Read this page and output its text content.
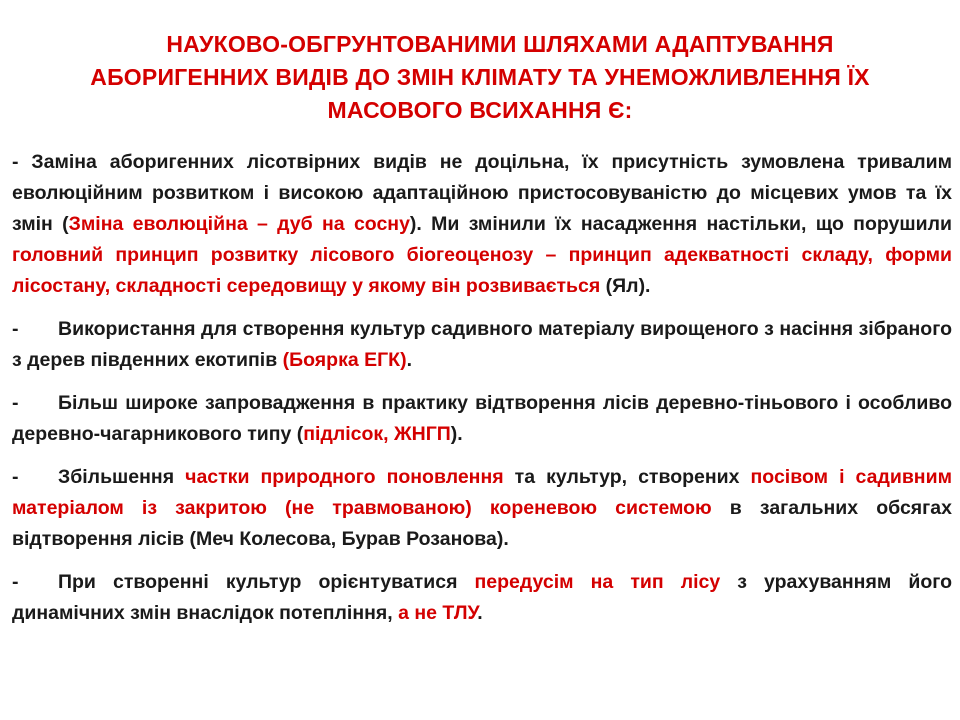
НАУКОВО-ОБГРУНТОВАНИМИ ШЛЯХАМИ АДАПТУВАННЯ
АБОРИГЕННИХ ВИДІВ ДО ЗМІН КЛІМАТУ ТА УНЕМОЖЛИВЛЕННЯ ЇХ
МАСОВОГО ВСИХАННЯ Є:

- Заміна аборигенних лісотвірних видів не доцільна, їх присутність зумовлена тривалим еволюційним розвитком і високою адаптаційною пристосовуваністю до місцевих умов та їх змін (Зміна еволюційна – дуб на сосну). Ми змінили їх насадження настільки, що порушили головний принцип розвитку лісового біогеоценозу – принцип адекватності складу, форми лісостану, складності середовищу у якому він розвивається (Ял).

- Використання для створення культур садивного матеріалу вирощеного з насіння зібраного з дерев південних екотипів (Боярка ЕГК).

- Більш широке запровадження в практику відтворення лісів деревно-тіньового і особливо деревно-чагарникового типу (підлісок, ЖНГП).

- Збільшення частки природного поновлення та культур, створених посівом і садивним матеріалом із закритою (не травмованою) кореневою системою в загальних обсягах відтворення лісів (Меч Колесова, Бурав Розанова).

- При створенні культур орієнтуватися передусім на тип лісу з урахуванням його динамічних змін внаслідок потепління, а не ТЛУ.
